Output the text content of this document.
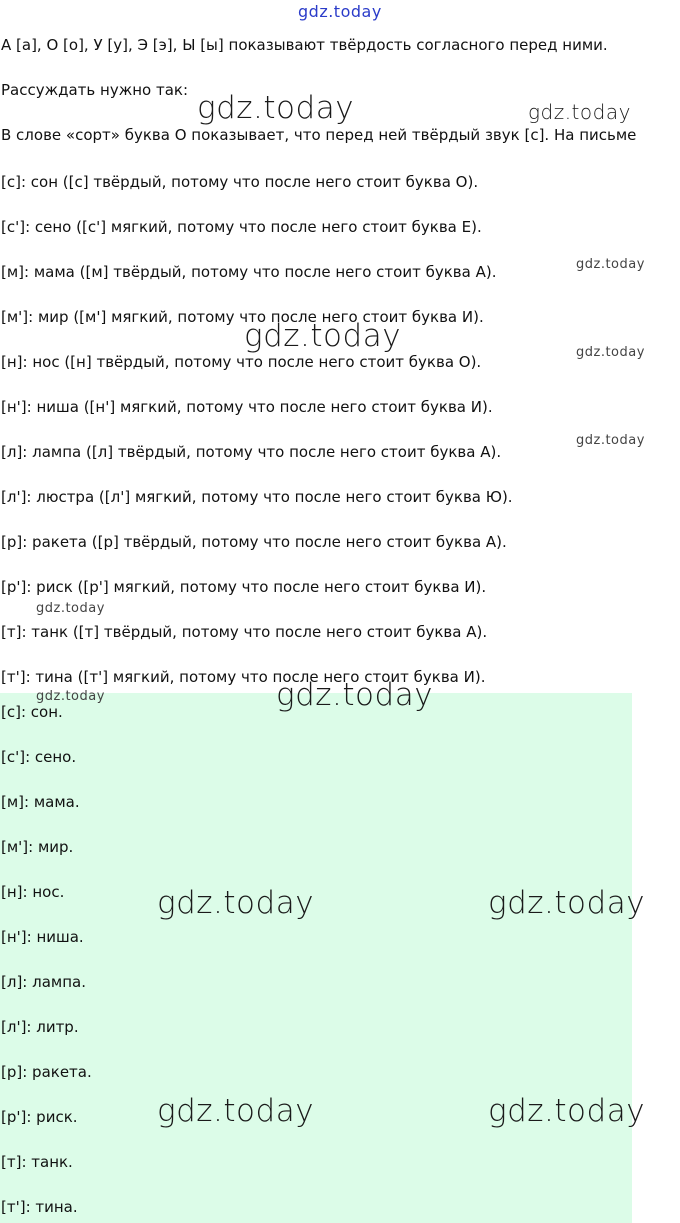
gdz.today
А [а], О [о], У [у], Э [э], Ы [ы] показывают твёрдость согласного перед ними.
Рассуждать нужно так:
В слове «сорт» буква О показывает, что перед ней твёрдый звук [с]. На письме
[с]: сон ([с] твёрдый, потому что после него стоит буква О).
[с']: сено ([с'] мягкий, потому что после него стоит буква Е).
[м]: мама ([м] твёрдый, потому что после него стоит буква А).
[м']: мир ([м'] мягкий, потому что после него стоит буква И).
[н]: нос ([н] твёрдый, потому что после него стоит буква О).
[н']: ниша ([н'] мягкий, потому что после него стоит буква И).
[л]: лампа ([л] твёрдый, потому что после него стоит буква А).
[л']: люстра ([л'] мягкий, потому что после него стоит буква Ю).
[р]: ракета ([р] твёрдый, потому что после него стоит буква А).
[р']: риск ([р'] мягкий, потому что после него стоит буква И).
[т]: танк ([т] твёрдый, потому что после него стоит буква А).
[т']: тина ([т'] мягкий, потому что после него стоит буква И).
[с]: сон.
[с']: сено.
[м]: мама.
[м']: мир.
[н]: нос.
[н']: ниша.
[л]: лампа.
[л']: литр.
[р]: ракета.
[р']: риск.
[т]: танк.
[т']: тина.
gdz.today	gdz.today
gdz.today
gdz.today	gdz.today
gdz.today
gdz.today
gdz.today	gdz.today
gdz.today	gdz.today
gdz.today	gdz.today
